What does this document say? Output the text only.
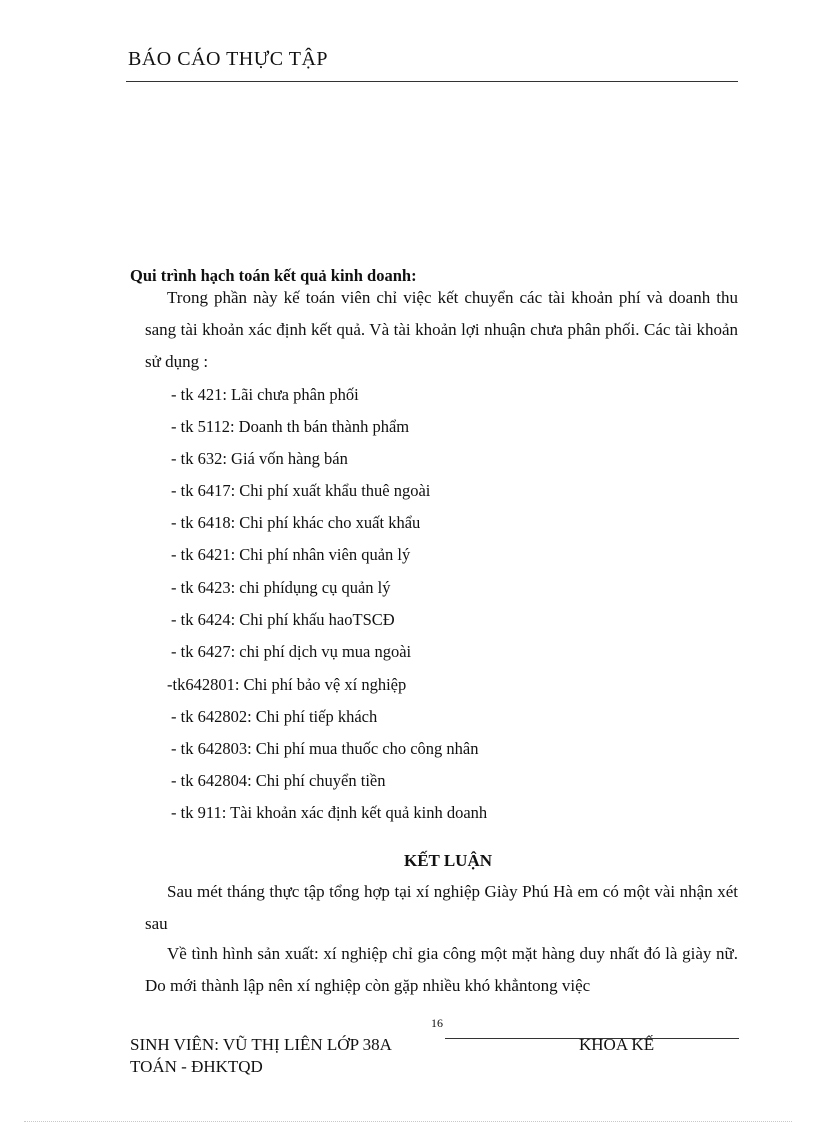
BÁO CÁO THỰC TẬP
Qui trình hạch toán kết quả kinh doanh:
Trong phần này kế toán viên chỉ việc kết chuyển các tài khoản phí và doanh thu sang tài khoản xác định kết quả. Và tài khoản lợi nhuận chưa phân phối. Các tài khoản sử dụng :
- tk 421: Lãi chưa phân phối
- tk 5112: Doanh th bán thành phẩm
- tk 632: Giá vốn hàng bán
- tk 6417: Chi phí xuất khẩu thuê ngoài
- tk 6418: Chi phí khác cho xuất khẩu
- tk 6421: Chi phí nhân viên quản lý
- tk 6423: chi phídụng cụ quản lý
- tk 6424: Chi phí khấu haoTSCĐ
- tk 6427: chi phí dịch vụ mua ngoài
-tk642801: Chi phí bảo vệ xí nghiệp
- tk 642802: Chi phí tiếp khách
- tk 642803: Chi phí mua thuốc cho công nhân
- tk 642804: Chi phí chuyển tiền
- tk 911: Tài khoản xác định kết quả kinh doanh
KẾT LUẬN
Sau mét tháng thực tập tổng hợp tại xí nghiệp Giày Phú Hà em có một vài nhận xét sau
Về tình hình sản xuất: xí nghiệp chỉ gia công một mặt hàng duy nhất đó là giày nữ. Do mới thành lập nên xí nghiệp còn gặp nhiều khó khẳntong việc
16
SINH VIÊN: VŨ THỊ LIÊN LỚP 38A
TOÁN - ĐHKTQD
KHOA KẾ
